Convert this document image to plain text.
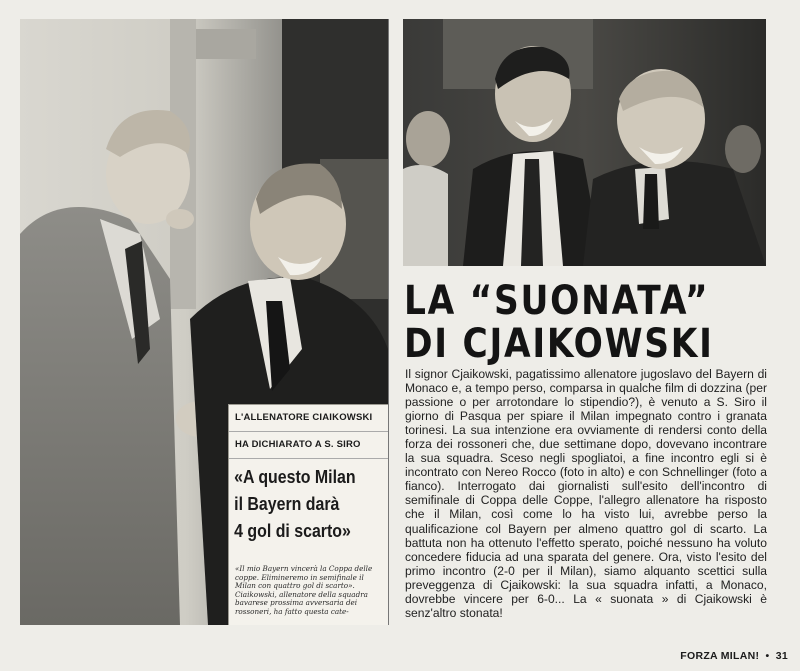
L'ALLENATORE CIAIKOWSKI
HA DICHIARATO A S. SIRO
«A questo Milan
il Bayern darà
4 gol di scarto»
«Il mio Bayern vincerà la Coppa delle coppe. Elimineremo in semifinale il Milan con quattro gol di scarto». Ciaikowski, allenatore della squadra bavarese prossima avversaria dei rossoneri, ha fatto questa cate-
LA “SUONATA”
DI CJAIKOWSKI
Il signor Cjaikowski, pagatissimo allenatore jugoslavo del Bayern di Monaco e, a tempo perso, comparsa in qualche film di dozzina (per passione o per arrotondare lo stipendio?), è venuto a S. Siro il giorno di Pasqua per spiare il Milan impegnato contro i granata torinesi. La sua intenzione era ovviamente di rendersi conto della forza dei rossoneri che, due settimane dopo, dovevano incontrare la sua squadra. Sceso negli spogliatoi, a fine incontro egli si è incontrato con Nereo Rocco (foto in alto) e con Schnellinger (foto a fianco). Interrogato dai giornalisti sull'esito dell'incontro di semifinale di Coppa delle Coppe, l'allegro allenatore ha risposto che il Milan, così come lo ha visto lui, avrebbe perso la qualificazione col Bayern per almeno quattro gol di scarto. La battuta non ha ottenuto l'effetto sperato, poiché nessuno ha voluto concedere fiducia ad una sparata del genere. Ora, visto l'esito del primo incontro (2-0 per il Milan), siamo alquanto scettici sulla preveggenza di Cjaikowski: la sua squadra infatti, a Monaco, dovrebbe vincere per 6-0... La « suonata » di Cjaikowski è senz'altro stonata!
FORZA MILAN! • 31
